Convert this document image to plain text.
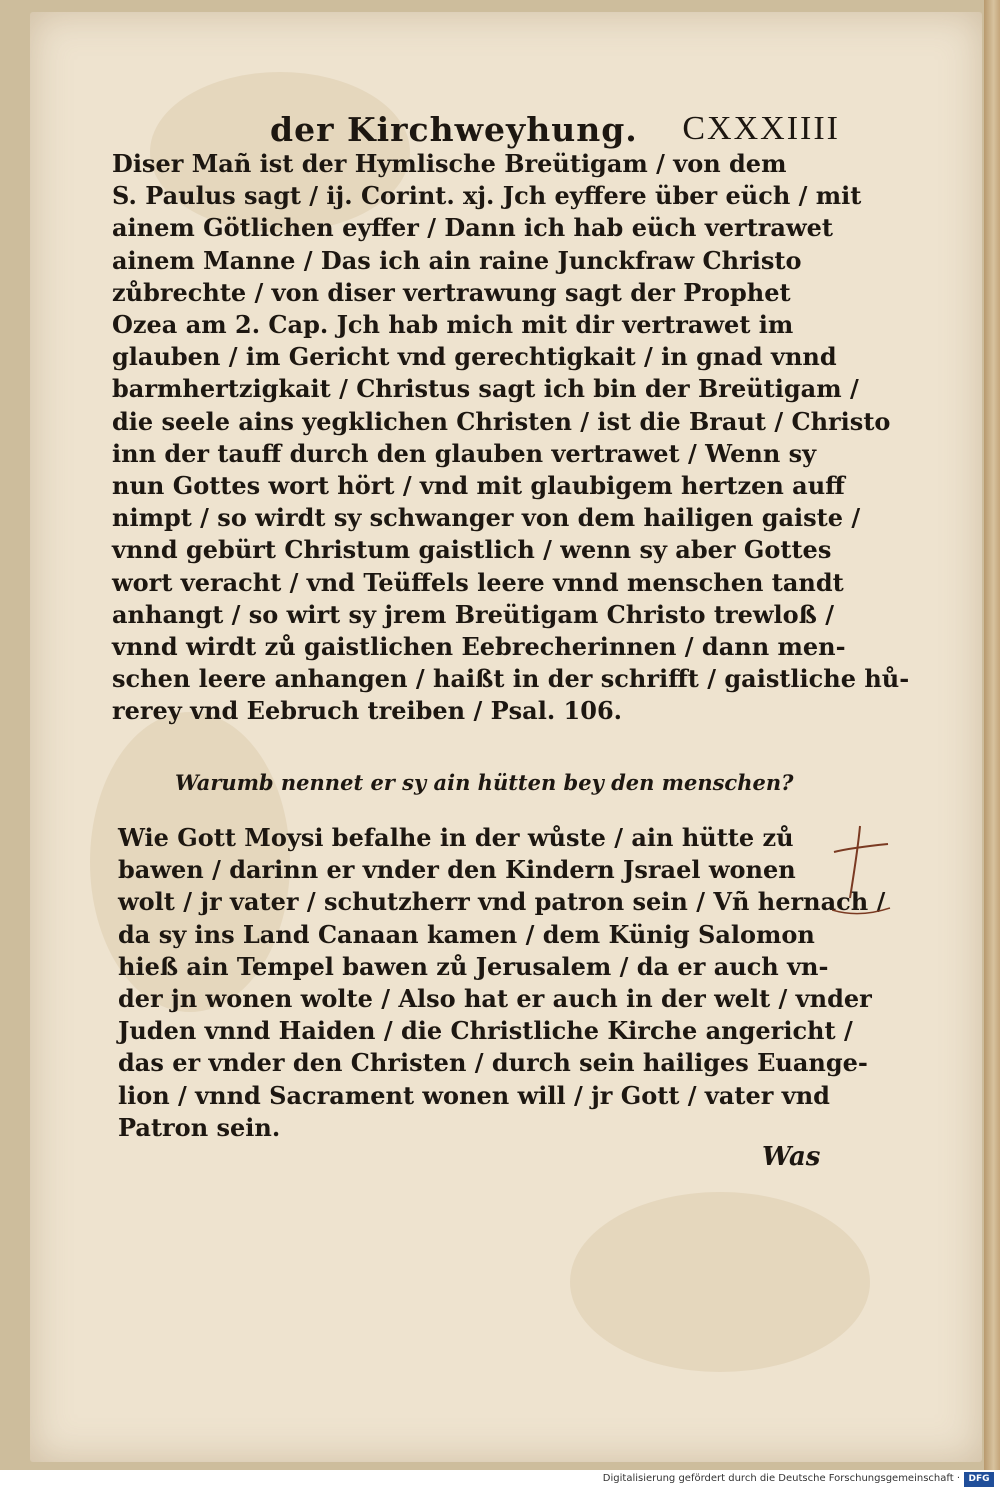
der Kirchweyhung. CXXXIIII
Diser Mañ ist der Hymlische Breütigam / von dem
S. Paulus sagt / ij. Corint. xj. Jch eyffere über eüch / mit
ainem Götlichen eyffer / Dann ich hab eüch vertrawet
ainem Manne / Das ich ain raine Junckfraw Christo
zůbrechte / von diser vertrawung sagt der Prophet
Ozea am 2. Cap. Jch hab mich mit dir vertrawet im
glauben / im Gericht vnd gerechtigkait / in gnad vnnd
barmhertzigkait / Christus sagt ich bin der Breütigam /
die seele ains yegklichen Christen / ist die Braut / Christo
inn der tauff durch den glauben vertrawet / Wenn sy
nun Gottes wort hört / vnd mit glaubigem hertzen auff
nimpt / so wirdt sy schwanger von dem hailigen gaiste /
vnnd gebürt Christum gaistlich / wenn sy aber Gottes
wort veracht / vnd Teüffels leere vnnd menschen tandt
anhangt / so wirt sy jrem Breütigam Christo trewloß /
vnnd wirdt zů gaistlichen Eebrecherinnen / dann men-
schen leere anhangen / haißt in der schrifft / gaistliche hů-
rerey vnd Eebruch treiben / Psal. 106.
Warumb nennet er sy ain hütten bey den menschen?
Wie Gott Moysi befalhe in der wůste / ain hütte zů
bawen / darinn er vnder den Kindern Jsrael wonen
wolt / jr vater / schutzherr vnd patron sein / Vñ hernach /
da sy ins Land Canaan kamen / dem Künig Salomon
hieß ain Tempel bawen zů Jerusalem / da er auch vn-
der jn wonen wolte / Also hat er auch in der welt / vnder
Juden vnnd Haiden / die Christliche Kirche angericht /
das er vnder den Christen / durch sein hailiges Euange-
lion / vnnd Sacrament wonen will / jr Gott / vater vnd
Patron sein.
Was
Digitalisierung gefördert durch die Deutsche Forschungsgemeinschaft · DFG
